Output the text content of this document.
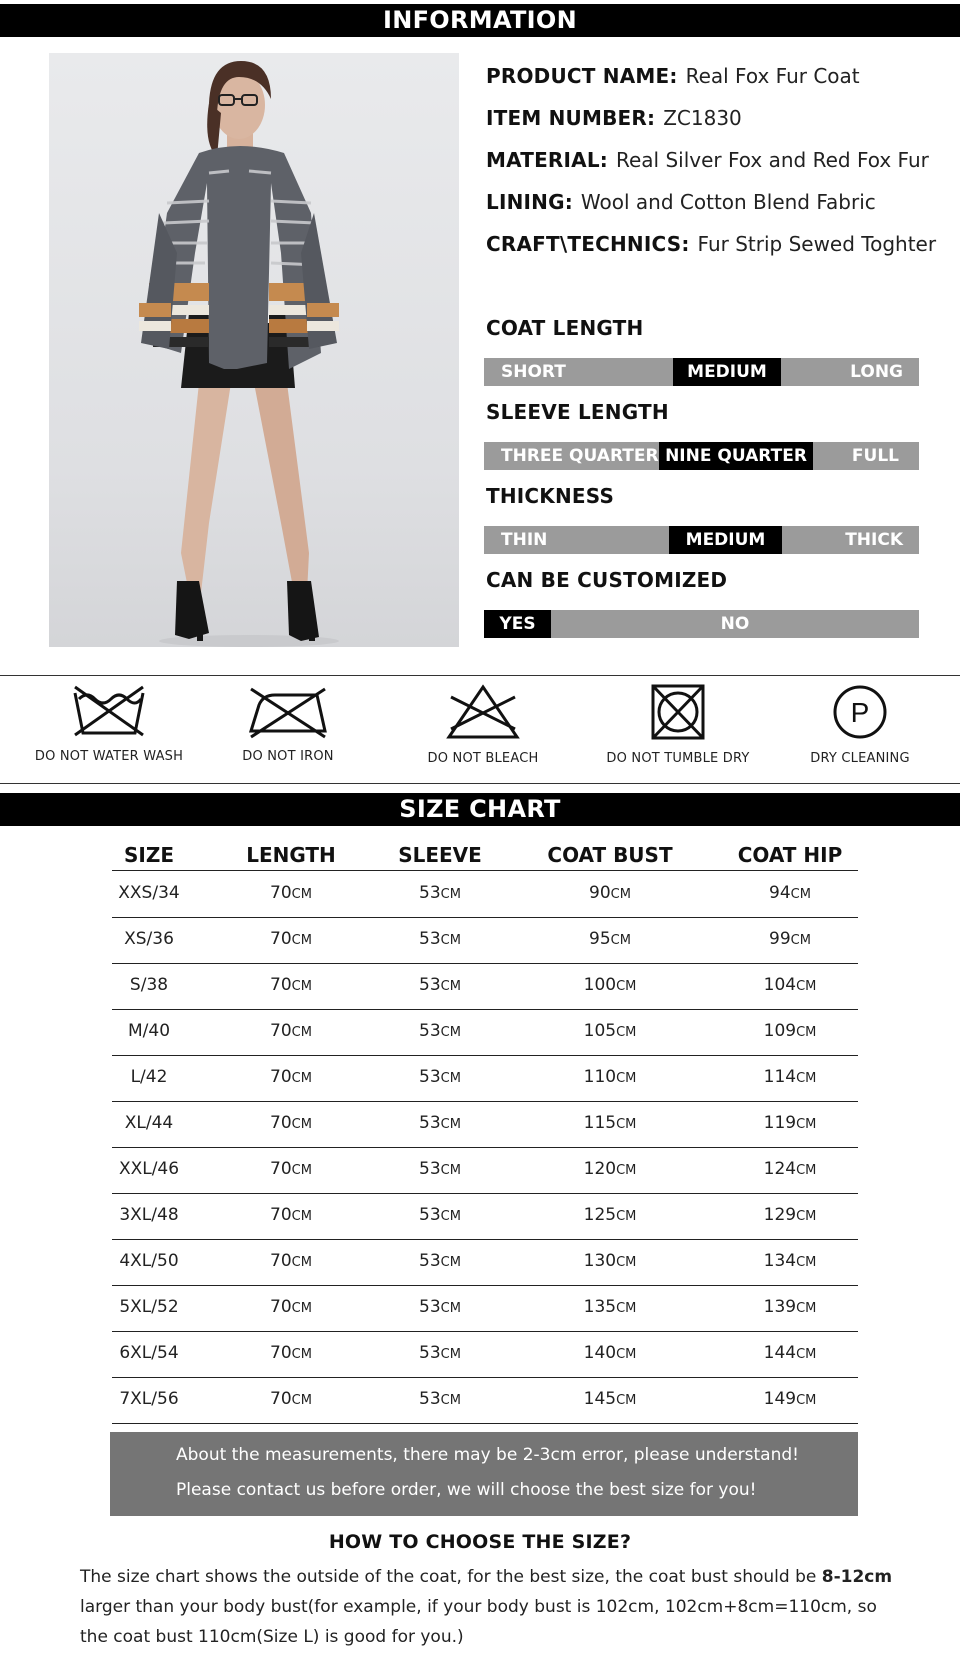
INFORMATION
PRODUCT NAME: Real Fox Fur Coat
ITEM NUMBER: ZC1830
MATERIAL: Real Silver Fox and Red Fox Fur
LINING: Wool and Cotton Blend Fabric
CRAFT\TECHNICS: Fur Strip Sewed Toghter
COAT LENGTH
SHORT	MEDIUM	LONG
SLEEVE LENGTH
THREE QUARTER NINE QUARTER	FULL
THICKNESS
THIN	MEDIUM	THICK
CAN BE CUSTOMIZED
YES	NO
DO NOT WATER WASH	DO NOT IRON	DO NOT BLEACH	DO NOT TUMBLE DRY
P
DRY CLEANING
SIZE CHART
SIZE	LENGTH	SLEEVE	COAT BUST	COAT HIP
XXS/34	70CM	53CM	90CM	94CM
XS/36	70CM	53CM	95CM	99CM
S/38	70CM	53CM	100CM	104CM
M/40	70CM	53CM	105CM	109CM
L/42	70CM	53CM	110CM	114CM
XL/44	70CM	53CM	115CM	119CM
XXL/46	70CM	53CM	120CM	124CM
3XL/48	70CM	53CM	125CM	129CM
4XL/50	70CM	53CM	130CM	134CM
5XL/52	70CM	53CM	135CM	139CM
6XL/54	70CM	53CM	140CM	144CM
7XL/56	70CM	53CM	145CM	149CM
About the measurements, there may be 2-3cm error, please understand!
Please contact us before order, we will choose the best size for you!
HOW TO CHOOSE THE SIZE?
The size chart shows the outside of the coat, for the best size, the coat bust should be 8-12cm larger than your body bust(for example, if your body bust is 102cm, 102cm+8cm=110cm, so the coat bust 110cm(Size L) is good for you.)
